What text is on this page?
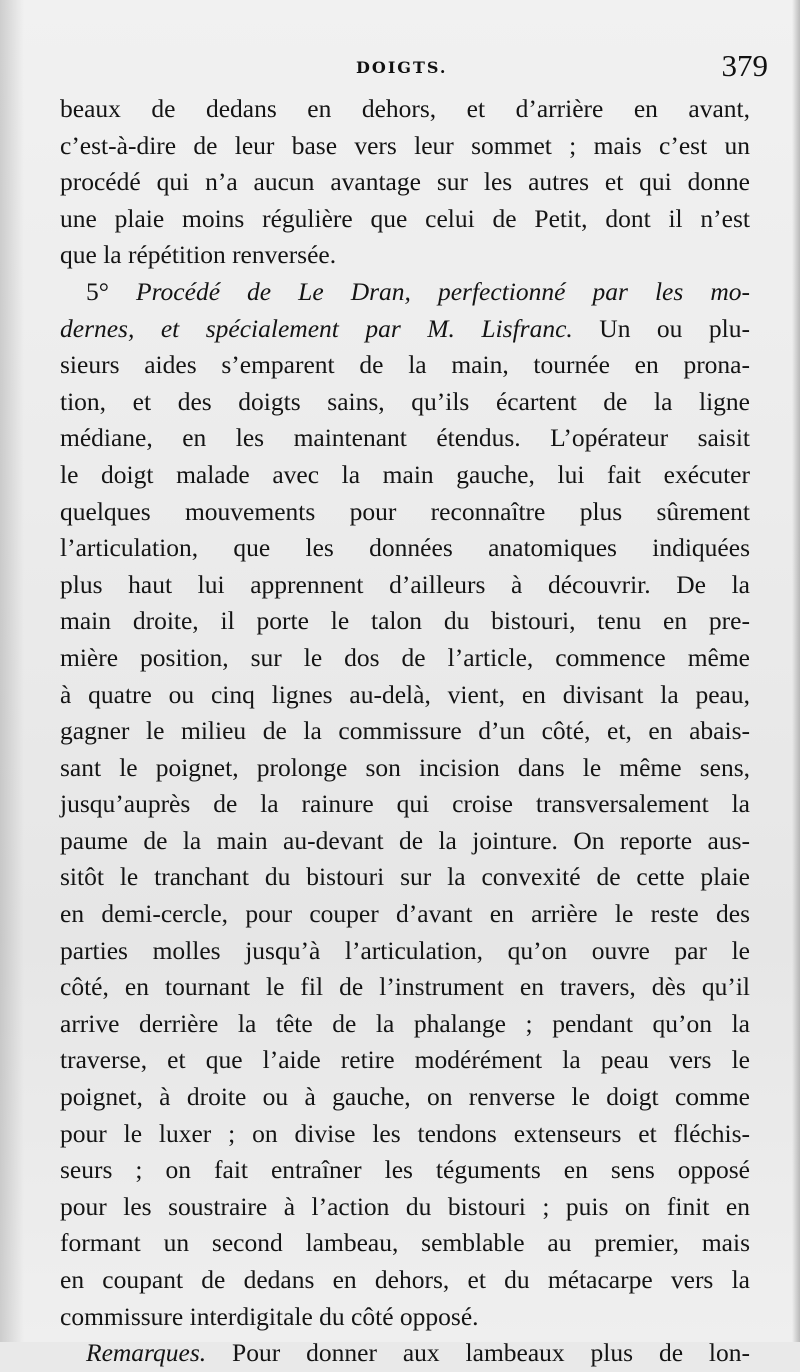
DOIGTS.	379
beaux de dedans en dehors, et d’arrière en avant,
c’est-à-dire de leur base vers leur sommet ; mais c’est un
procédé qui n’a aucun avantage sur les autres et qui donne
une plaie moins régulière que celui de Petit, dont il n’est
que la répétition renversée.
5° Procédé de Le Dran, perfectionné par les mo-
dernes, et spécialement par M. Lisfranc. Un ou plu-
sieurs aides s’emparent de la main, tournée en prona-
tion, et des doigts sains, qu’ils écartent de la ligne
médiane, en les maintenant étendus. L’opérateur saisit
le doigt malade avec la main gauche, lui fait exécuter
quelques mouvements pour reconnaître plus sûrement
l’articulation, que les données anatomiques indiquées
plus haut lui apprennent d’ailleurs à découvrir. De la
main droite, il porte le talon du bistouri, tenu en pre-
mière position, sur le dos de l’article, commence même
à quatre ou cinq lignes au-delà, vient, en divisant la peau,
gagner le milieu de la commissure d’un côté, et, en abais-
sant le poignet, prolonge son incision dans le même sens,
jusqu’auprès de la rainure qui croise transversalement la
paume de la main au-devant de la jointure. On reporte aus-
sitôt le tranchant du bistouri sur la convexité de cette plaie
en demi-cercle, pour couper d’avant en arrière le reste des
parties molles jusqu’à l’articulation, qu’on ouvre par le
côté, en tournant le fil de l’instrument en travers, dès qu’il
arrive derrière la tête de la phalange ; pendant qu’on la
traverse, et que l’aide retire modérément la peau vers le
poignet, à droite ou à gauche, on renverse le doigt comme
pour le luxer ; on divise les tendons extenseurs et fléchis-
seurs ; on fait entraîner les téguments en sens opposé
pour les soustraire à l’action du bistouri ; puis on finit en
formant un second lambeau, semblable au premier, mais
en coupant de dedans en dehors, et du métacarpe vers la
commissure interdigitale du côté opposé.
Remarques. Pour donner aux lambeaux plus de lon-
